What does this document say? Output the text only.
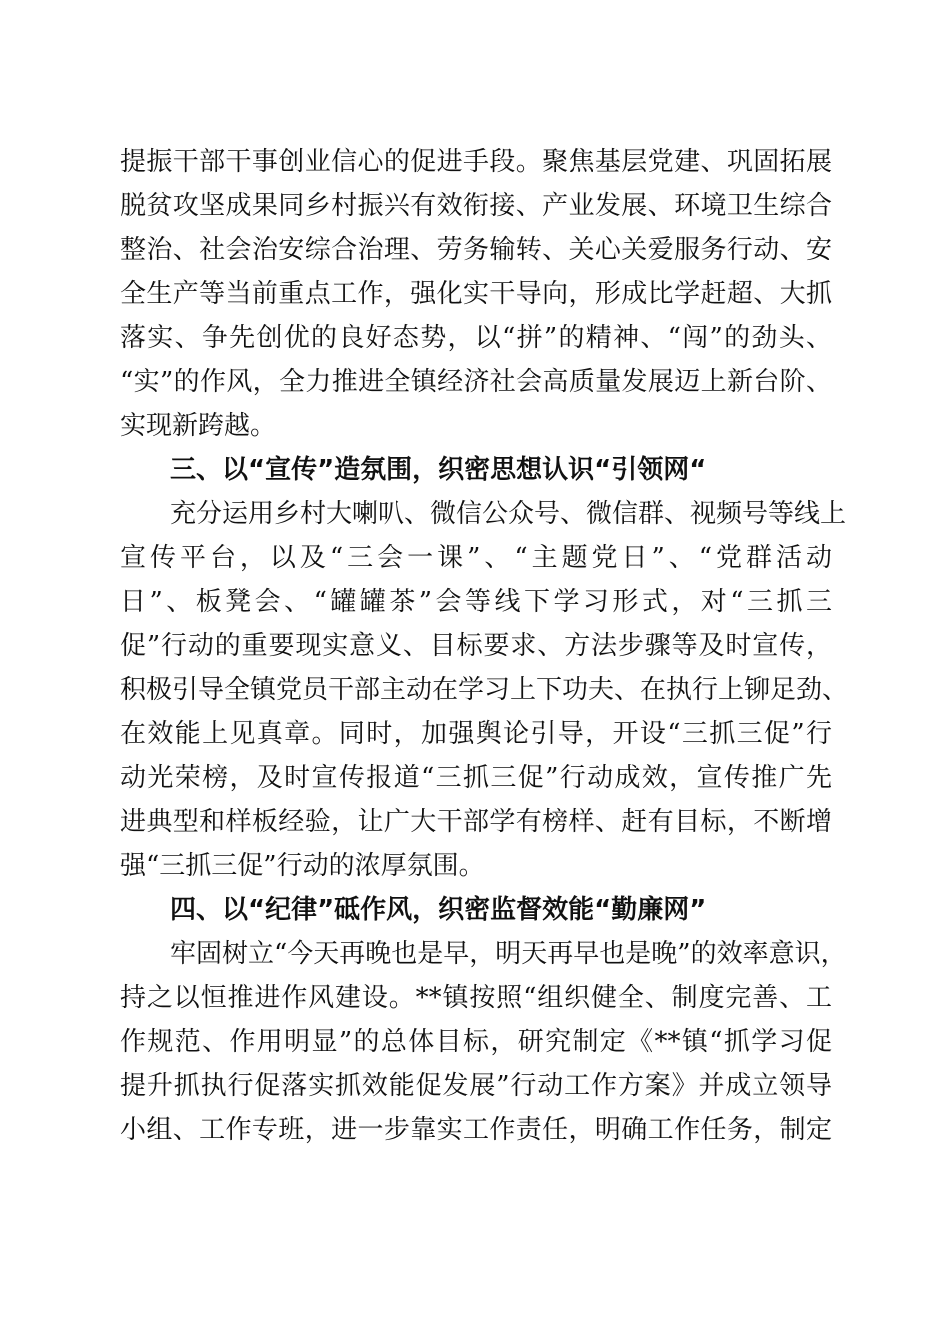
提振干部干事创业信心的促进手段。聚焦基层党建、巩固拓展
脱贫攻坚成果同乡村振兴有效衔接、产业发展、环境卫生综合
整治、社会治安综合治理、劳务输转、关心关爱服务行动、安
全生产等当前重点工作，强化实干导向，形成比学赶超、大抓
落实、争先创优的良好态势，以“拼”的精神、“闯”的劲头、
“实”的作风，全力推进全镇经济社会高质量发展迈上新台阶、
实现新跨越。
三、以“宣传”造氛围，织密思想认识“引领网“
充分运用乡村大喇叭、微信公众号、微信群、视频号等线上
宣传平台，以及“三会一课”、“主题党日”、“党群活动
日”、板凳会、“罐罐茶”会等线下学习形式，对“三抓三
促”行动的重要现实意义、目标要求、方法步骤等及时宣传，
积极引导全镇党员干部主动在学习上下功夫、在执行上铆足劲、
在效能上见真章。同时，加强舆论引导，开设“三抓三促”行
动光荣榜，及时宣传报道“三抓三促”行动成效，宣传推广先
进典型和样板经验，让广大干部学有榜样、赶有目标，不断增
强“三抓三促”行动的浓厚氛围。
四、以“纪律”砥作风，织密监督效能“勤廉网”
牢固树立“今天再晚也是早，明天再早也是晚”的效率意识，
持之以恒推进作风建设。**镇按照“组织健全、制度完善、工
作规范、作用明显”的总体目标，研究制定《**镇“抓学习促
提升抓执行促落实抓效能促发展”行动工作方案》并成立领导
小组、工作专班，进一步靠实工作责任，明确工作任务，制定
